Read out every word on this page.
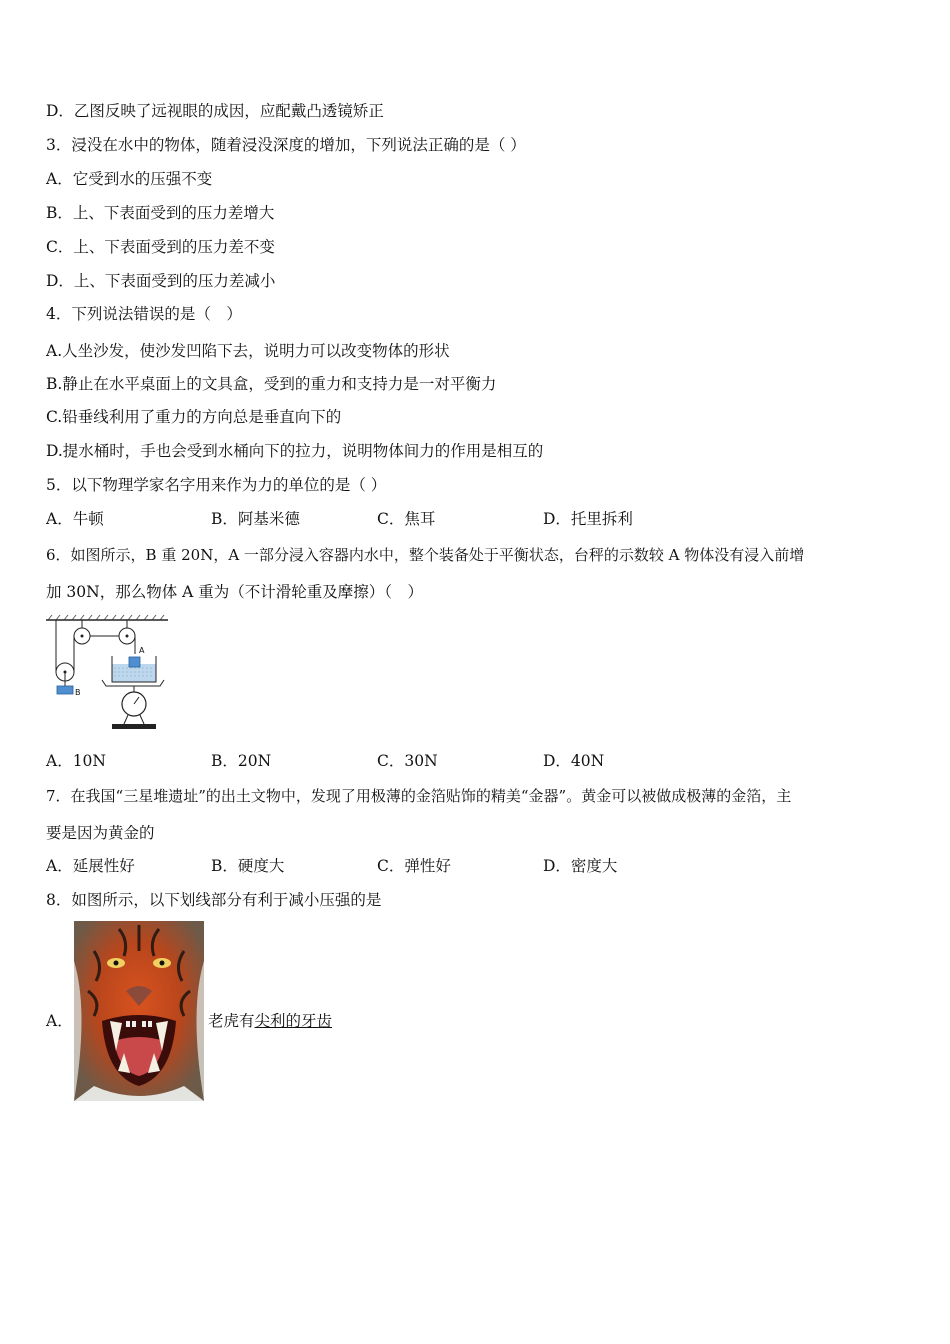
D．乙图反映了远视眼的成因，应配戴凸透镜矫正
3．浸没在水中的物体，随着浸没深度的增加，下列说法正确的是（ ）
A．它受到水的压强不变
B．上、下表面受到的压力差增大
C．上、下表面受到的压力差不变
D．上、下表面受到的压力差减小
4．下列说法错误的是（　）
A.人坐沙发，使沙发凹陷下去，说明力可以改变物体的形状
B.静止在水平桌面上的文具盒，受到的重力和支持力是一对平衡力
C.铅垂线利用了重力的方向总是垂直向下的
D.提水桶时，手也会受到水桶向下的拉力，说明物体间力的作用是相互的
5．以下物理学家名字用来作为力的单位的是（ ）
A．牛顿	B．阿基米德	C．焦耳	D．托里拆利
6．如图所示，B 重 20N，A 一部分浸入容器内水中，整个装备处于平衡状态，台秤的示数较 A 物体没有浸入前增
加 30N，那么物体 A 重为（不计滑轮重及摩擦）（　）
A
B
A．10N	B．20N	C．30N	D．40N
7．在我国“三星堆遗址”的出土文物中，发现了用极薄的金箔贴饰的精美“金器”。黄金可以被做成极薄的金箔，主
要是因为黄金的
A．延展性好	B．硬度大	C．弹性好	D．密度大
8．如图所示，以下划线部分有利于减小压强的是
A．	老虎有尖利的牙齿
